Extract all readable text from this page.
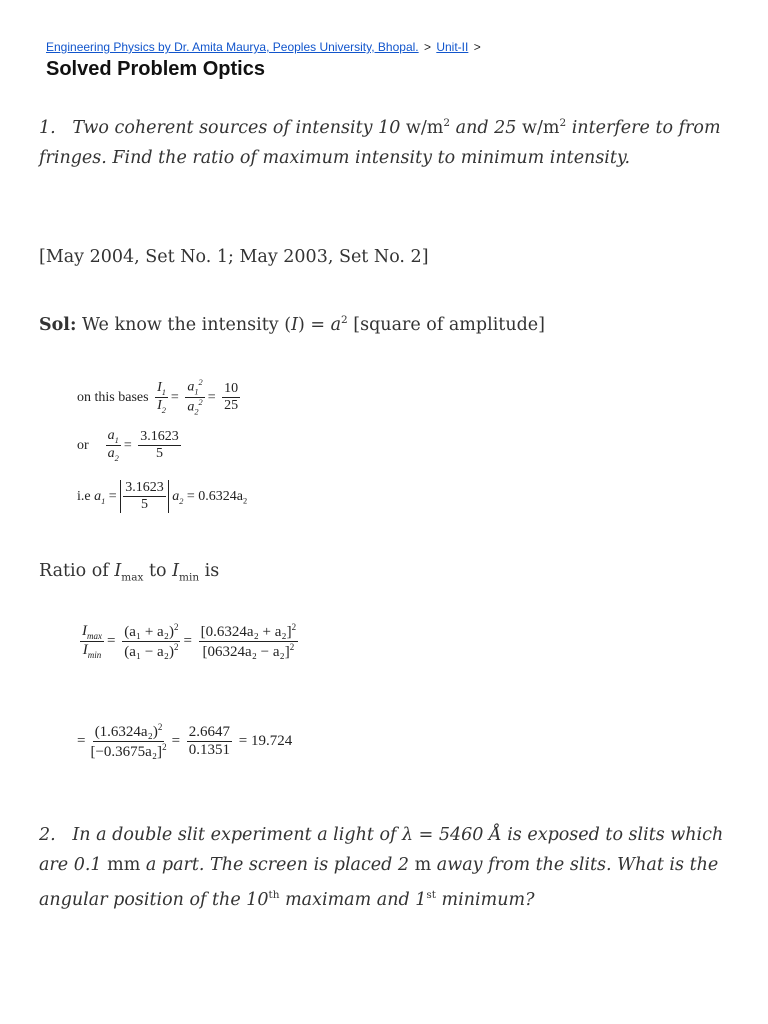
Engineering Physics by Dr. Amita Maurya, Peoples University, Bhopal. > Unit-II >
Solved Problem Optics
1.   Two coherent sources of intensity 10 $w/m^2$ and 25 $w/m^2$ interfere to from fringes. Find the ratio of maximum intensity to minimum intensity.
[May 2004, Set No. 1; May 2003, Set No. 2]
Sol: We know the intensity $(I) = a^2$ [square of amplitude]
on this bases $\frac{I_1}{I_2} = \frac{a_1^2}{a_2^2} = \frac{10}{25}$
or $\frac{a_1}{a_2} = \frac{3.1623}{5}$
i.e $a_1 = \frac{3.1623}{5} a_2 = 0.6324a_2$
Ratio of $I_{max}$ to $I_{min}$ is
$\frac{I_{max}}{I_{min}} = \frac{(a_1 + a_2)^2}{(a_1 - a_2)^2} = \frac{[0.6324a_2 + a_2]^2}{[06324a_2 - a_2]^2}$
= $\frac{(1.6324a_2)^2}{[-0.3675a_2]^2} = \frac{2.6647}{0.1351} = 19.724$
2.   In a double slit experiment a light of λ = 5460 Å is exposed to slits which are 0.1 mm a part. The screen is placed 2 m away from the slits. What is the angular position of the 10th maximam and 1st minimum?
